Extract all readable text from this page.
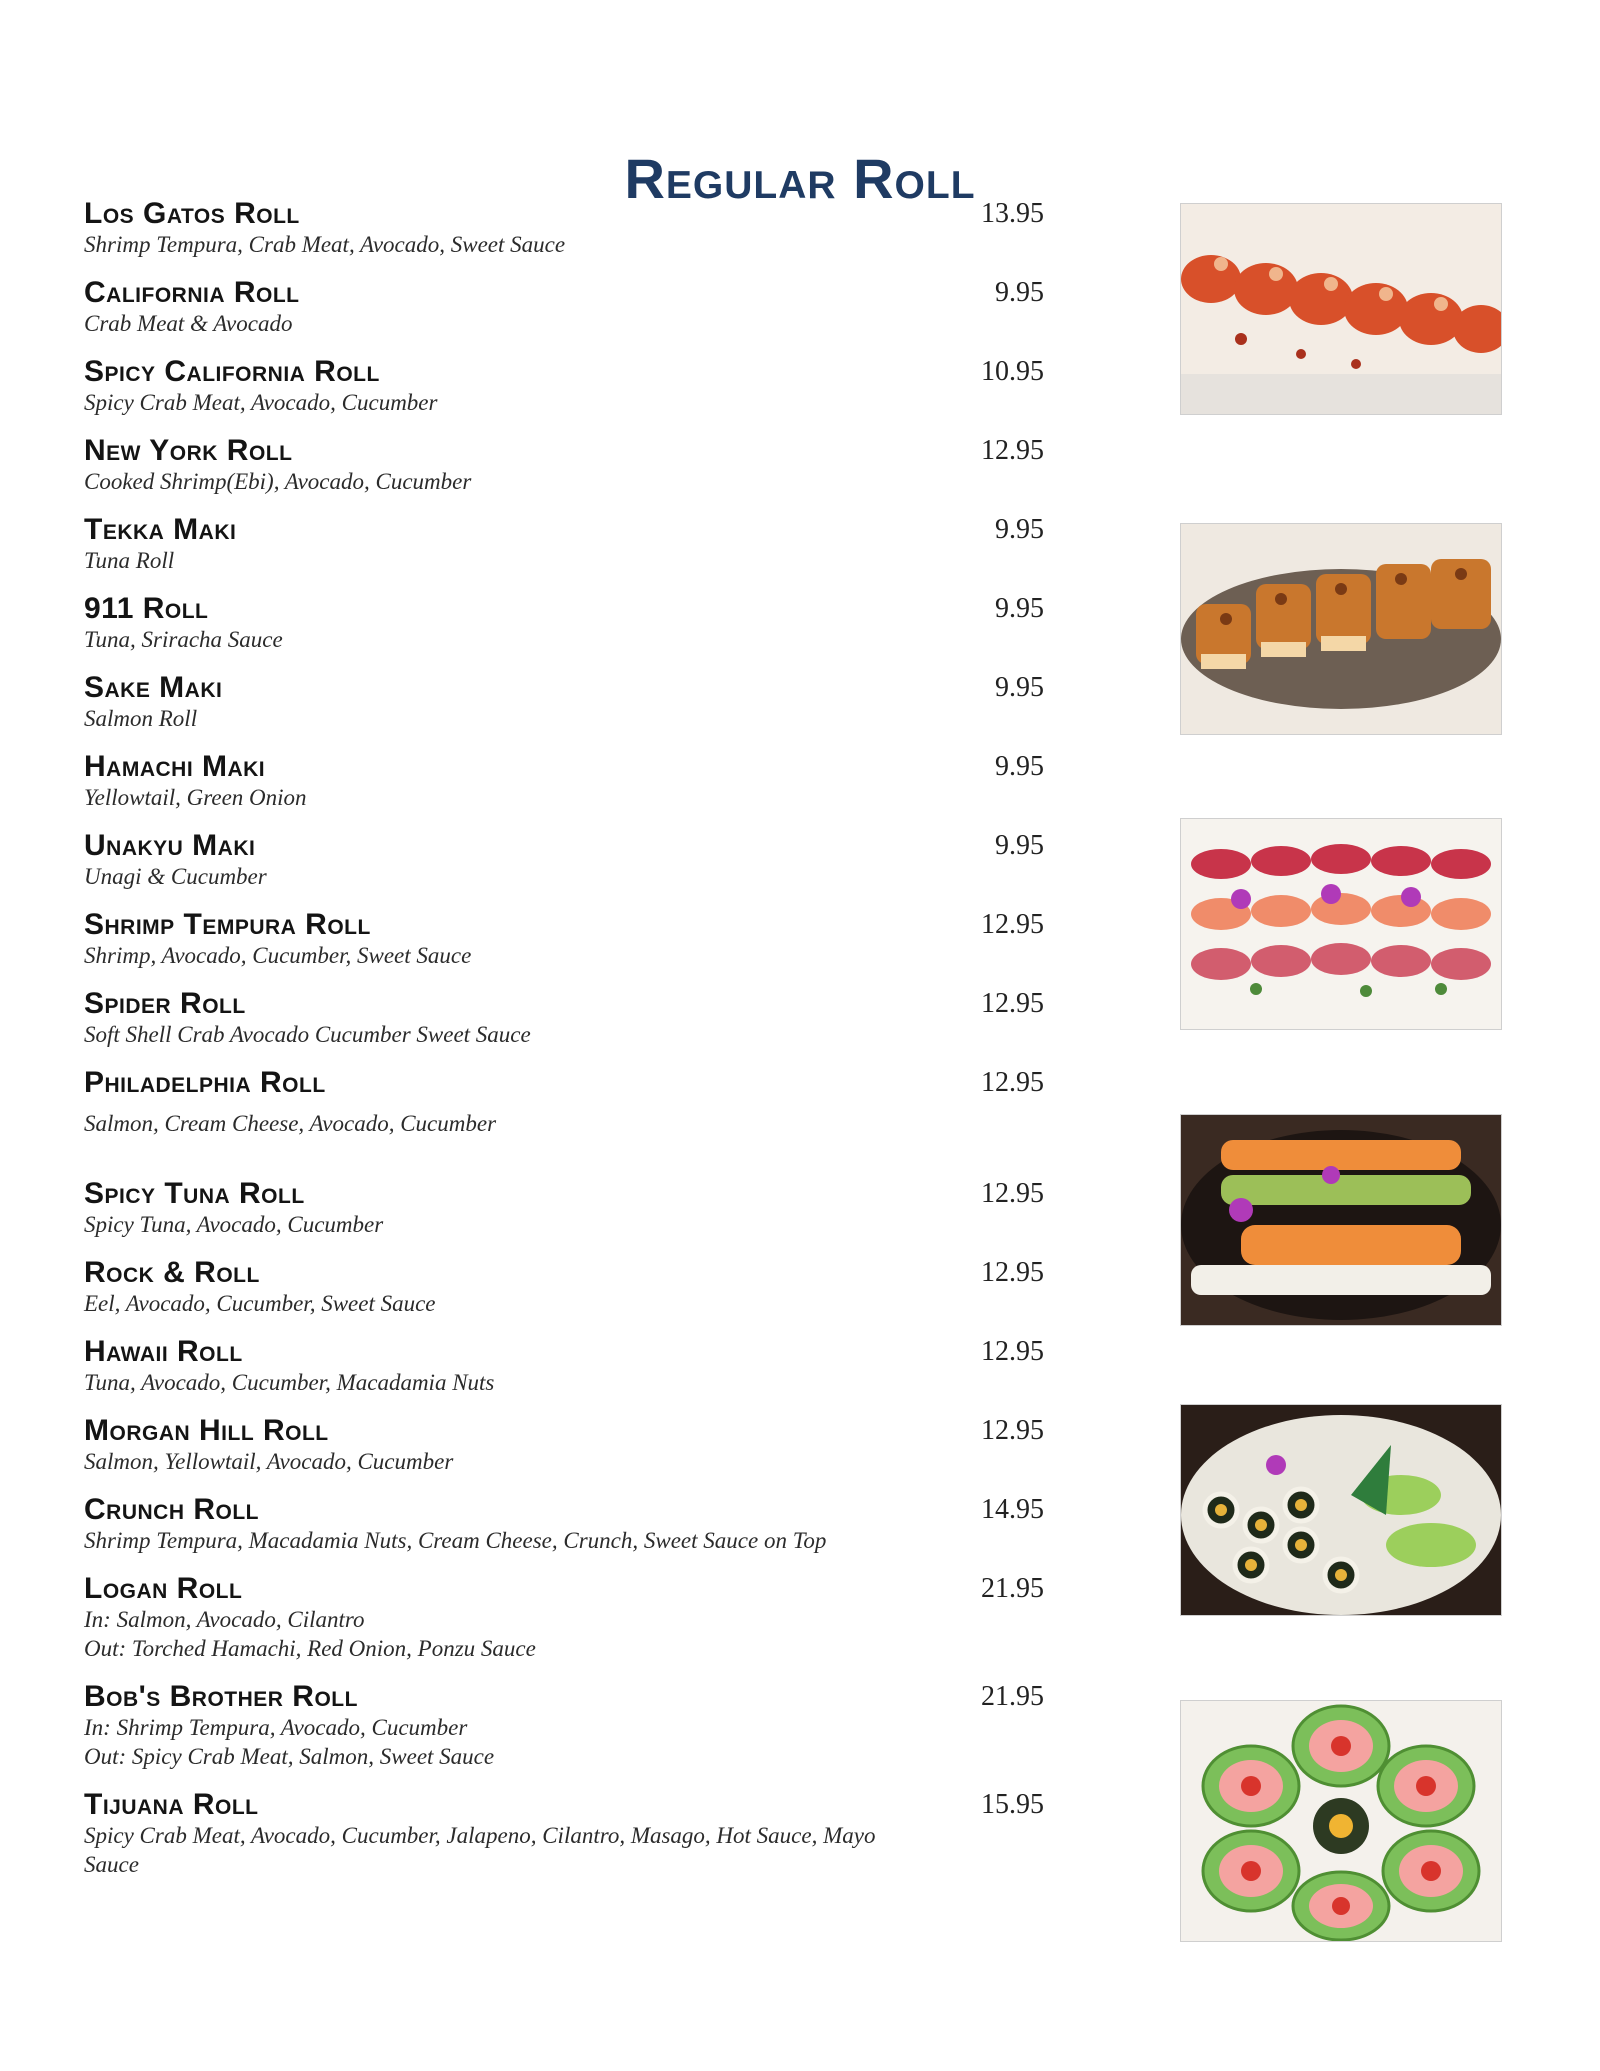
Regular Roll
Los Gatos Roll
Shrimp Tempura, Crab Meat, Avocado, Sweet Sauce
13.95
California Roll
Crab Meat & Avocado
9.95
Spicy California Roll
Spicy Crab Meat, Avocado, Cucumber
10.95
New York Roll
Cooked Shrimp(Ebi), Avocado, Cucumber
12.95
Tekka Maki
Tuna Roll
9.95
911 Roll
Tuna, Sriracha Sauce
9.95
Sake Maki
Salmon Roll
9.95
Hamachi Maki
Yellowtail, Green Onion
9.95
Unakyu Maki
Unagi & Cucumber
9.95
Shrimp Tempura Roll
Shrimp, Avocado, Cucumber, Sweet Sauce
12.95
Spider Roll
Soft Shell Crab Avocado Cucumber Sweet Sauce
12.95
Philadelphia Roll
Salmon, Cream Cheese, Avocado, Cucumber
12.95
Spicy Tuna Roll
Spicy Tuna, Avocado, Cucumber
12.95
Rock & Roll
Eel, Avocado, Cucumber, Sweet Sauce
12.95
Hawaii Roll
Tuna, Avocado, Cucumber, Macadamia Nuts
12.95
Morgan Hill Roll
Salmon, Yellowtail, Avocado, Cucumber
12.95
Crunch Roll
Shrimp Tempura, Macadamia Nuts, Cream Cheese, Crunch, Sweet Sauce on Top
14.95
Logan Roll
In: Salmon, Avocado, Cilantro
Out: Torched Hamachi, Red Onion, Ponzu Sauce
21.95
Bob's Brother Roll
In: Shrimp Tempura, Avocado, Cucumber
Out: Spicy Crab Meat, Salmon, Sweet Sauce
21.95
Tijuana Roll
Spicy Crab Meat, Avocado, Cucumber, Jalapeno, Cilantro, Masago, Hot Sauce, Mayo Sauce
15.95
